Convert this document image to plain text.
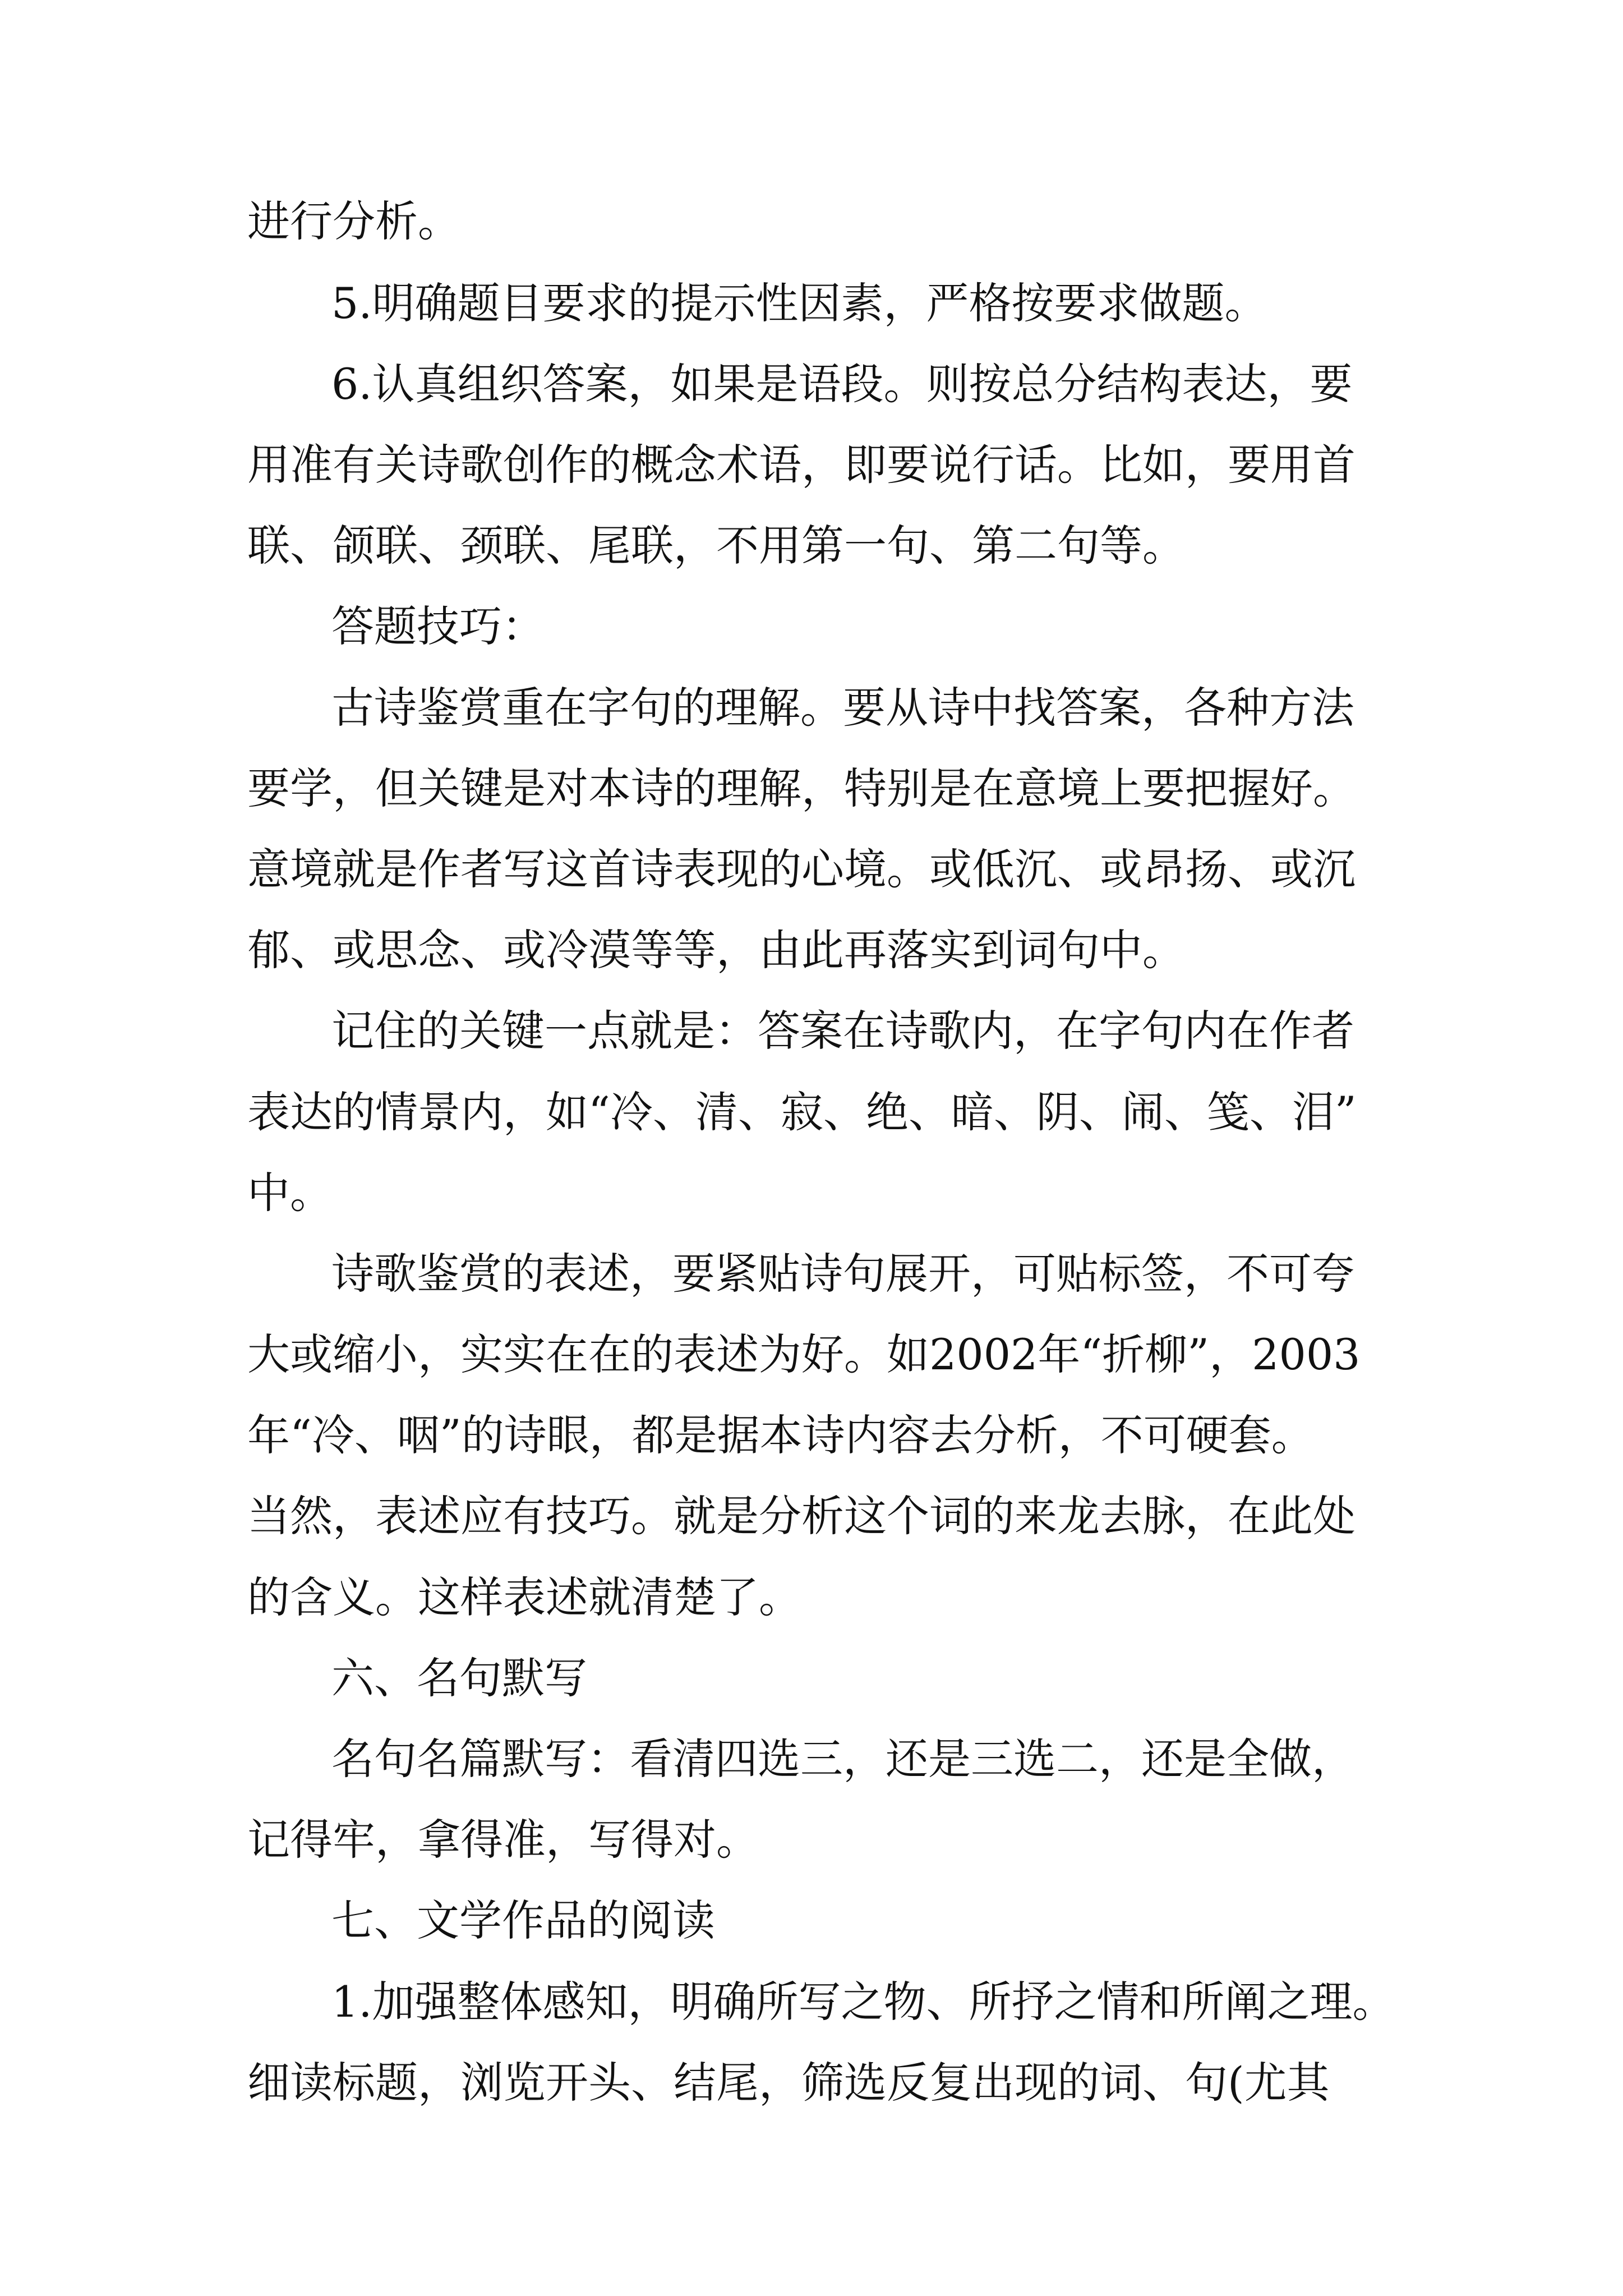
进行分析。
5.明确题目要求的提示性因素，严格按要求做题。
6.认真组织答案，如果是语段。则按总分结构表达，要
用准有关诗歌创作的概念术语，即要说行话。比如，要用首
联、颌联、颈联、尾联，不用第一句、第二句等。
答题技巧：
古诗鉴赏重在字句的理解。要从诗中找答案，各种方法
要学，但关键是对本诗的理解，特别是在意境上要把握好。
意境就是作者写这首诗表现的心境。或低沉、或昂扬、或沉
郁、或思念、或冷漠等等，由此再落实到词句中。
记住的关键一点就是：答案在诗歌内，在字句内在作者
表达的情景内，如“冷、清、寂、绝、暗、阴、闹、笺、泪”
中。
诗歌鉴赏的表述，要紧贴诗句展开，可贴标签，不可夸
大或缩小，实实在在的表述为好。如2002年“折柳”，2003
年“冷、咽”的诗眼，都是据本诗内容去分析，不可硬套。
当然，表述应有技巧。就是分析这个词的来龙去脉，在此处
的含义。这样表述就清楚了。
六、名句默写
名句名篇默写：看清四选三，还是三选二，还是全做，
记得牢，拿得准，写得对。
七、文学作品的阅读
1.加强整体感知，明确所写之物、所抒之情和所阐之理。
细读标题，浏览开头、结尾，筛选反复出现的词、句(尤其
